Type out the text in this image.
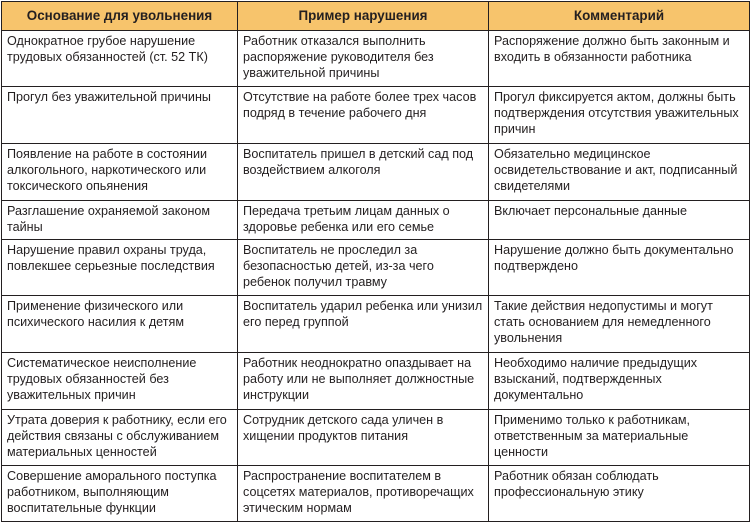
Основание для увольнения	Пример нарушения	Комментарий
Однократное грубое нарушение трудовых обязанностей (ст. 52 ТК)	Работник отказался выполнить распоряжение руководителя без уважительной причины	Распоряжение должно быть законным и входить в обязанности работника
Прогул без уважительной причины	Отсутствие на работе более трех часов подряд в течение рабочего дня	Прогул фиксируется актом, должны быть подтверждения отсутствия уважительных причин
Появление на работе в состоянии алкогольного, наркотического или токсического опьянения	Воспитатель пришел в детский сад под воздействием алкоголя	Обязательно медицинское освидетельствование и акт, подписанный свидетелями
Разглашение охраняемой законом тайны	Передача третьим лицам данных о здоровье ребенка или его семье	Включает персональные данные
Нарушение правил охраны труда, повлекшее серьезные последствия	Воспитатель не проследил за безопасностью детей, из-за чего ребенок получил травму	Нарушение должно быть документально подтверждено
Применение физического или психического насилия к детям	Воспитатель ударил ребенка или унизил его перед группой	Такие действия недопустимы и могут стать основанием для немедленного увольнения
Систематическое неисполнение трудовых обязанностей без уважительных причин	Работник неоднократно опаздывает на работу или не выполняет должностные инструкции	Необходимо наличие предыдущих взысканий, подтвержденных документально
Утрата доверия к работнику, если его действия связаны с обслуживанием материальных ценностей	Сотрудник детского сада уличен в хищении продуктов питания	Применимо только к работникам, ответственным за материальные ценности
Совершение аморального поступка работником, выполняющим воспитательные функции	Распространение воспитателем в соцсетях материалов, противоречащих этическим нормам	Работник обязан соблюдать профессиональную этику
